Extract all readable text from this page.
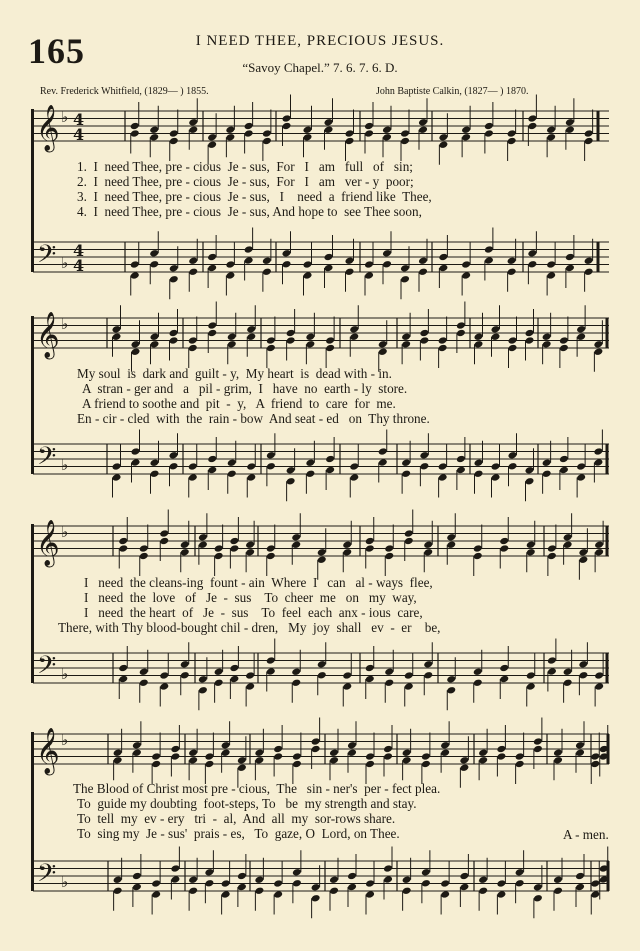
165	I NEED THEE, PRECIOUS JESUS.
“Savoy Chapel.” 7. 6. 7. 6. D.
Rev. Frederick Whitfield, (1829— ) 1855.	John Baptiste Calkin, (1827— ) 1870.
𝄞
𝄢
♭
♭
4
4
4
4
𝄞
𝄢
♭
♭
𝄞
𝄢
♭
♭
𝄞
𝄢
♭
♭
1.  I  need Thee, pre - cious  Je - sus,  For   I   am   full   of   sin;
2.  I  need Thee, pre - cious  Je - sus,  For   I   am   ver - y  poor;
3.  I  need Thee, pre - cious  Je - sus,   I    need  a  friend like  Thee,
4.  I  need Thee, pre - cious  Je - sus, And hope to  see Thee soon,
My soul  is  dark and  guilt - y,  My heart  is  dead with - in.
A  stran - ger and   a   pil - grim,  I   have  no  earth - ly  store.
A friend to soothe and  pit  -  y,   A  friend  to  care  for  me.
En - cir - cled  with  the  rain - bow  And seat - ed   on  Thy throne.
I   need  the cleans-ing  fount - ain  Where  I   can   al - ways  flee,
I   need  the  love   of   Je  -  sus    To  cheer  me   on   my  way,
I   need  the heart  of   Je  -  sus    To  feel  each  anx - ious  care,
There, with Thy blood-bought chil - dren,   My  joy  shall   ev  -  er    be,
The Blood of Christ most pre - cious,  The   sin - ner's  per - fect plea.
To  guide my doubting  foot-steps, To   be  my strength and stay.
To  tell  my  ev - ery   tri  -  al,  And  all  my  sor-rows share.
To  sing my  Je - sus'  prais - es,   To  gaze, O  Lord, on Thee.	A - men.
